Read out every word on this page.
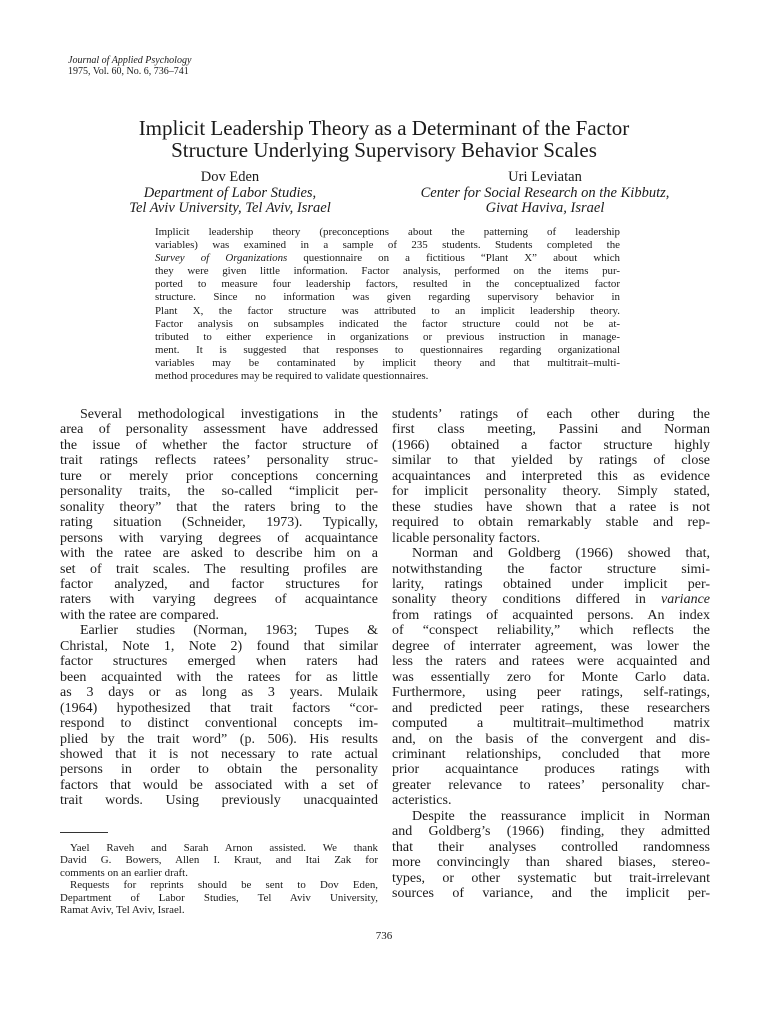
Journal of Applied Psychology
1975, Vol. 60, No. 6, 736–741
Implicit Leadership Theory as a Determinant of the Factor
Structure Underlying Supervisory Behavior Scales
Dov Eden
Department of Labor Studies,
Tel Aviv University, Tel Aviv, Israel
Uri Leviatan
Center for Social Research on the Kibbutz,
Givat Haviva, Israel
Implicit leadership theory (preconceptions about the patterning of leadership
variables) was examined in a sample of 235 students. Students completed the
Survey of Organizations questionnaire on a fictitious “Plant X” about which
they were given little information. Factor analysis, performed on the items pur-
ported to measure four leadership factors, resulted in the conceptualized factor
structure. Since no information was given regarding supervisory behavior in
Plant X, the factor structure was attributed to an implicit leadership theory.
Factor analysis on subsamples indicated the factor structure could not be at-
tributed to either experience in organizations or previous instruction in manage-
ment. It is suggested that responses to questionnaires regarding organizational
variables may be contaminated by implicit theory and that multitrait–multi-
method procedures may be required to validate questionnaires.
Several methodological investigations in the
area of personality assessment have addressed
the issue of whether the factor structure of
trait ratings reflects ratees’ personality struc-
ture or merely prior conceptions concerning
personality traits, the so-called “implicit per-
sonality theory” that the raters bring to the
rating situation (Schneider, 1973). Typically,
persons with varying degrees of acquaintance
with the ratee are asked to describe him on a
set of trait scales. The resulting profiles are
factor analyzed, and factor structures for
raters with varying degrees of acquaintance
with the ratee are compared.
Earlier studies (Norman, 1963; Tupes &
Christal, Note 1, Note 2) found that similar
factor structures emerged when raters had
been acquainted with the ratees for as little
as 3 days or as long as 3 years. Mulaik
(1964) hypothesized that trait factors “cor-
respond to distinct conventional concepts im-
plied by the trait word” (p. 506). His results
showed that it is not necessary to rate actual
persons in order to obtain the personality
factors that would be associated with a set of
trait words. Using previously unacquainted
Yael Raveh and Sarah Arnon assisted. We thank
David G. Bowers, Allen I. Kraut, and Itai Zak for
comments on an earlier draft.
Requests for reprints should be sent to Dov Eden,
Department of Labor Studies, Tel Aviv University,
Ramat Aviv, Tel Aviv, Israel.
students’ ratings of each other during the
first class meeting, Passini and Norman
(1966) obtained a factor structure highly
similar to that yielded by ratings of close
acquaintances and interpreted this as evidence
for implicit personality theory. Simply stated,
these studies have shown that a ratee is not
required to obtain remarkably stable and rep-
licable personality factors.
Norman and Goldberg (1966) showed that,
notwithstanding the factor structure simi-
larity, ratings obtained under implicit per-
sonality theory conditions differed in variance
from ratings of acquainted persons. An index
of “conspect reliability,” which reflects the
degree of interrater agreement, was lower the
less the raters and ratees were acquainted and
was essentially zero for Monte Carlo data.
Furthermore, using peer ratings, self-ratings,
and predicted peer ratings, these researchers
computed a multitrait–multimethod matrix
and, on the basis of the convergent and dis-
criminant relationships, concluded that more
prior acquaintance produces ratings with
greater relevance to ratees’ personality char-
acteristics.
Despite the reassurance implicit in Norman
and Goldberg’s (1966) finding, they admitted
that their analyses controlled randomness
more convincingly than shared biases, stereo-
types, or other systematic but trait-irrelevant
sources of variance, and the implicit per-
736
